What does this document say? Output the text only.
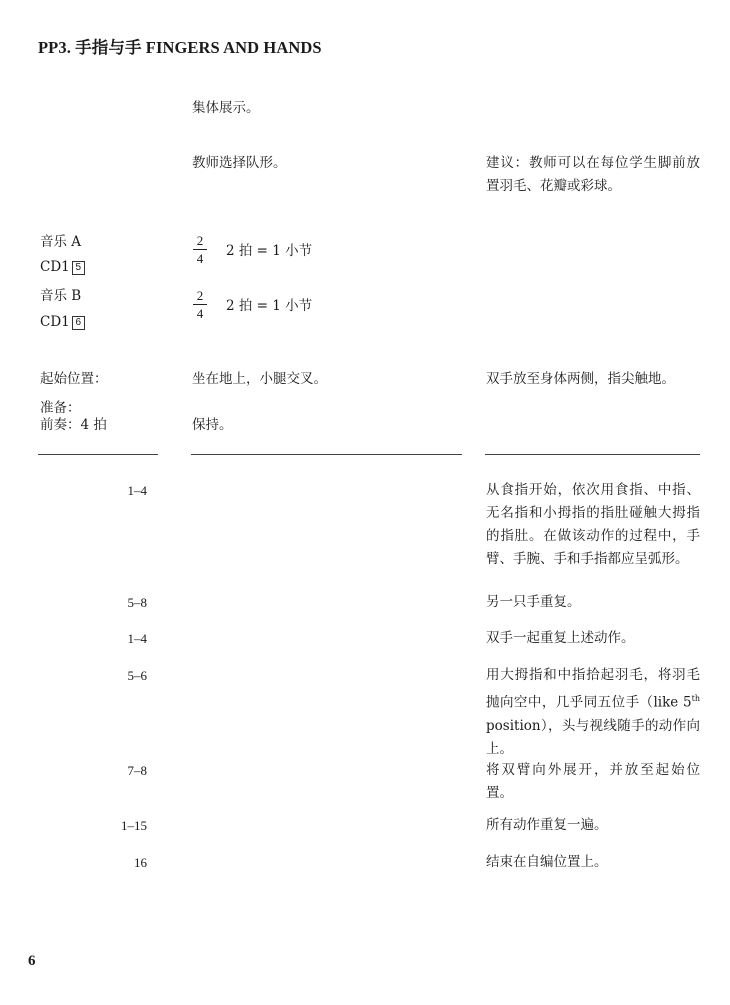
PP3. 手指与手 FINGERS AND HANDS
集体展示。
教师选择队形。	建议：教师可以在每位学生脚前放置羽毛、花瓣或彩球。
音乐 A
CD1 5
$\frac{2}{4} 2$ 拍 = 1 小节
音乐 B
CD1 6
$\frac{2}{4} 2$ 拍 = 1 小节
起始位置：	坐在地上，小腿交叉。	双手放至身体两侧，指尖触地。
准备：
前奏：4 拍	保持。
1–4	从食指开始，依次用食指、中指、无名指和小拇指的指肚碰触大拇指的指肚。在做该动作的过程中，手臂、手腕、手和手指都应呈弧形。
5–8	另一只手重复。
1–4	双手一起重复上述动作。
5–6	用大拇指和中指拾起羽毛，将羽毛抛向空中，几乎同五位手（like 5th position），头与视线随手的动作向上。
7–8	将双臂向外展开，并放至起始位置。
1–15	所有动作重复一遍。
16	结束在自编位置上。
6
